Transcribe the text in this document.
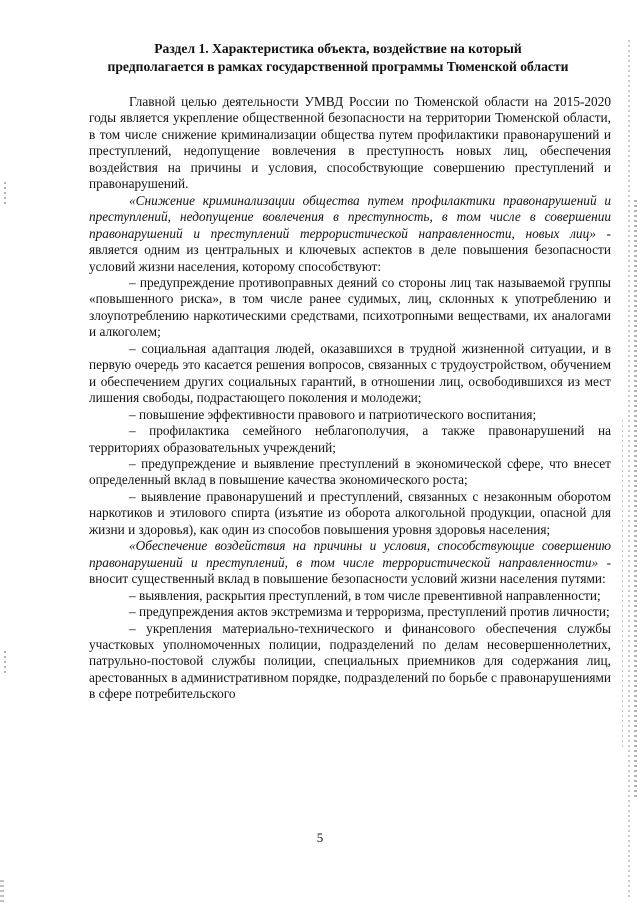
Раздел 1. Характеристика объекта, воздействие на который
предполагается в рамках государственной программы Тюменской области

Главной целью деятельности УМВД России по Тюменской области на 2015-2020 годы является укрепление общественной безопасности на территории Тюменской области, в том числе снижение криминализации общества путем профилактики правонарушений и преступлений, недопущение вовлечения в преступность новых лиц, обеспечения воздействия на причины и условия, способствующие совершению преступлений и правонарушений.

«Снижение криминализации общества путем профилактики правонарушений и преступлений, недопущение вовлечения в преступность, в том числе в совершении правонарушений и преступлений террористической направленности, новых лиц» - является одним из центральных и ключевых аспектов в деле повышения безопасности условий жизни населения, которому способствуют:

– предупреждение противоправных деяний со стороны лиц так называемой группы «повышенного риска», в том числе ранее судимых, лиц, склонных к употреблению и злоупотреблению наркотическими средствами, психотропными веществами, их аналогами и алкоголем;

– социальная адаптация людей, оказавшихся в трудной жизненной ситуации, и в первую очередь это касается решения вопросов, связанных с трудоустройством, обучением и обеспечением других социальных гарантий, в отношении лиц, освободившихся из мест лишения свободы, подрастающего поколения и молодежи;

– повышение эффективности правового и патриотического воспитания;

– профилактика семейного неблагополучия, а также правонарушений на территориях образовательных учреждений;

– предупреждение и выявление преступлений в экономической сфере, что внесет определенный вклад в повышение качества экономического роста;

– выявление правонарушений и преступлений, связанных с незаконным оборотом наркотиков и этилового спирта (изъятие из оборота алкогольной продукции, опасной для жизни и здоровья), как один из способов повышения уровня здоровья населения;

«Обеспечение воздействия на причины и условия, способствующие совершению правонарушений и преступлений, в том числе террористической направленности» - вносит существенный вклад в повышение безопасности условий жизни населения путями:

– выявления, раскрытия преступлений, в том числе превентивной направленности;

– предупреждения актов экстремизма и терроризма, преступлений против личности;

– укрепления материально-технического и финансового обеспечения службы участковых уполномоченных полиции, подразделений по делам несовершеннолетних, патрульно-постовой службы полиции, специальных приемников для содержания лиц, арестованных в административном порядке, подразделений по борьбе с правонарушениями в сфере потребительского

5
